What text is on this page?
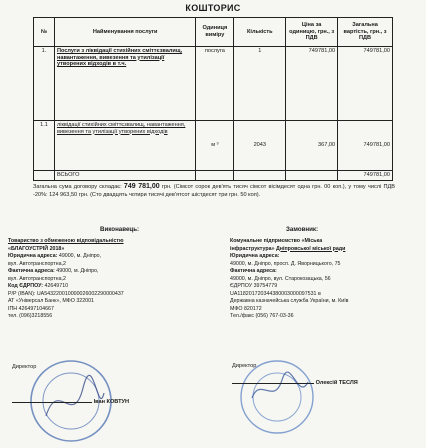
КОШТОРИС
№	Найменування послуги	Одиниця виміру	Кількість	Ціна за одиницю, грн., з ПДВ	Загальна вартість, грн., з ПДВ
1.	Послуги з ліквідації стихійних сміттєзвалищ, навантаження, вивезення та утилізації утворених відходів в т.ч.	послуга	1	749781,00	749781,00
1.1	ліквідації стихійних сміттєзвалищ, навантаження, вивезення та утилізації утворених відходів	м ³	2043	367,00	749781,00
	ВСЬОГО				749781,00
Загальна сума договору складає: 749 781,00 грн. (Сімсот сорок дев'ять тисяч сімсот вісімдесят одна грн. 00 коп.), у тому числі ПДВ -20%: 124 963,50 грн. (Сто двадцять чотири тисячі дев'ятсот шістдесят три грн. 50 коп).
Виконавець:	Замовник:
Товариство з обмеженою відповідальністю
«БЛАГОУСТРІЙ 2018»
Юридична адреса: 49000, м. Дніпро,
вул. Автотранспортна,2
Фактична адреса: 49000, м. Дніпро,
вул. Автотранспортна,2
Код ЄДРПОУ: 42649710
Р/Р (IBAN): UA543220010000026002290000437
АТ «Універсал Банк», МФО 322001
ІПН 426497104667
тел. (096)3218556
Комунальне підприємство «Міська
інфраструктура» Дніпровської міської ради
Юридична адреса:
49000, м. Дніпро, просп. Д. Яворницького, 75
Фактична адреса:
49000, м. Дніпро, вул. Старокозацька, 56
ЄДРПОУ 39754779
UA118201720344380003000097531 в
Державна казначейська служба України, м. Київ
МФО 820172
Тел./факс (056) 767-03-36
Директор
Іван КОВТУН
Директор
Олексій ТЕСЛЯ
